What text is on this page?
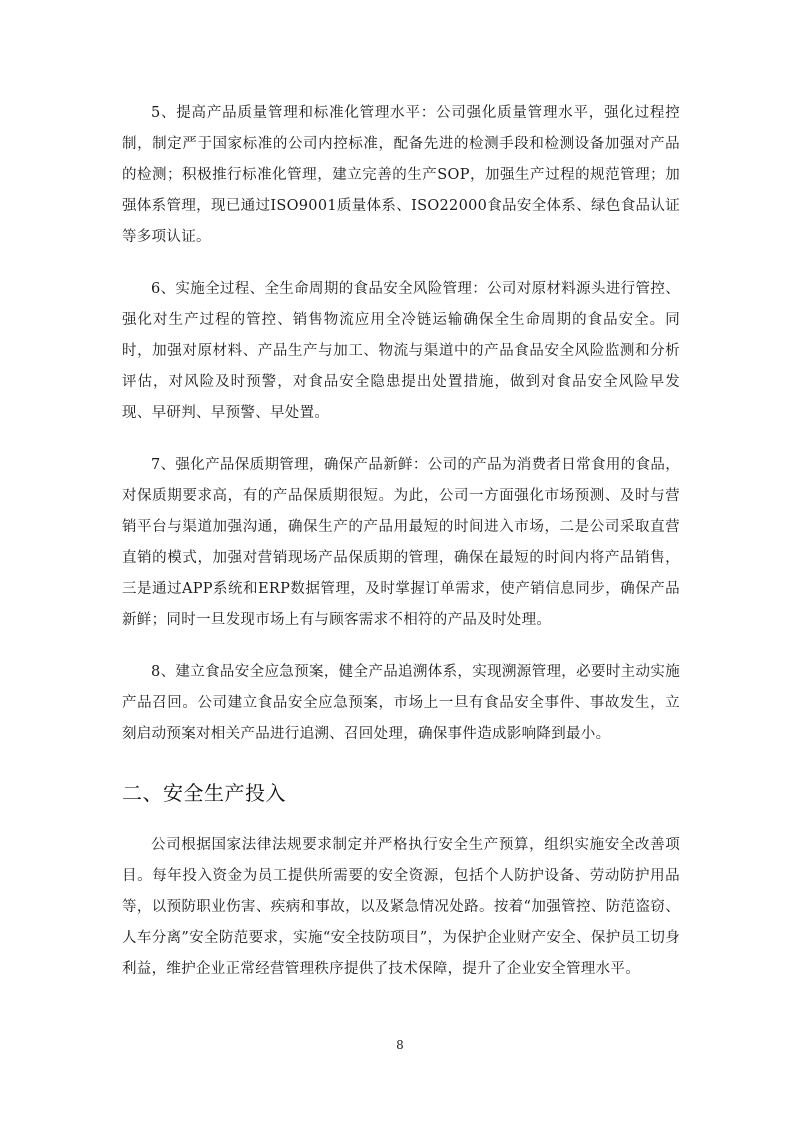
5、提高产品质量管理和标准化管理水平：公司强化质量管理水平，强化过程控制，制定严于国家标准的公司内控标准，配备先进的检测手段和检测设备加强对产品的检测；积极推行标准化管理，建立完善的生产SOP，加强生产过程的规范管理；加强体系管理，现已通过ISO9001质量体系、ISO22000食品安全体系、绿色食品认证等多项认证。

6、实施全过程、全生命周期的食品安全风险管理：公司对原材料源头进行管控、强化对生产过程的管控、销售物流应用全冷链运输确保全生命周期的食品安全。同时，加强对原材料、产品生产与加工、物流与渠道中的产品食品安全风险监测和分析评估，对风险及时预警，对食品安全隐患提出处置措施，做到对食品安全风险早发现、早研判、早预警、早处置。

7、强化产品保质期管理，确保产品新鲜：公司的产品为消费者日常食用的食品，对保质期要求高，有的产品保质期很短。为此，公司一方面强化市场预测、及时与营销平台与渠道加强沟通，确保生产的产品用最短的时间进入市场，二是公司采取直营直销的模式，加强对营销现场产品保质期的管理，确保在最短的时间内将产品销售，三是通过APP系统和ERP数据管理，及时掌握订单需求，使产销信息同步，确保产品新鲜；同时一旦发现市场上有与顾客需求不相符的产品及时处理。

8、建立食品安全应急预案，健全产品追溯体系，实现溯源管理，必要时主动实施产品召回。公司建立食品安全应急预案，市场上一旦有食品安全事件、事故发生，立刻启动预案对相关产品进行追溯、召回处理，确保事件造成影响降到最小。

二、安全生产投入

公司根据国家法律法规要求制定并严格执行安全生产预算，组织实施安全改善项目。每年投入资金为员工提供所需要的安全资源，包括个人防护设备、劳动防护用品等，以预防职业伤害、疾病和事故，以及紧急情况处路。按着“加强管控、防范盗窃、人车分离”安全防范要求，实施“安全技防项目”，为保护企业财产安全、保护员工切身利益，维护企业正常经营管理秩序提供了技术保障，提升了企业安全管理水平。

8
